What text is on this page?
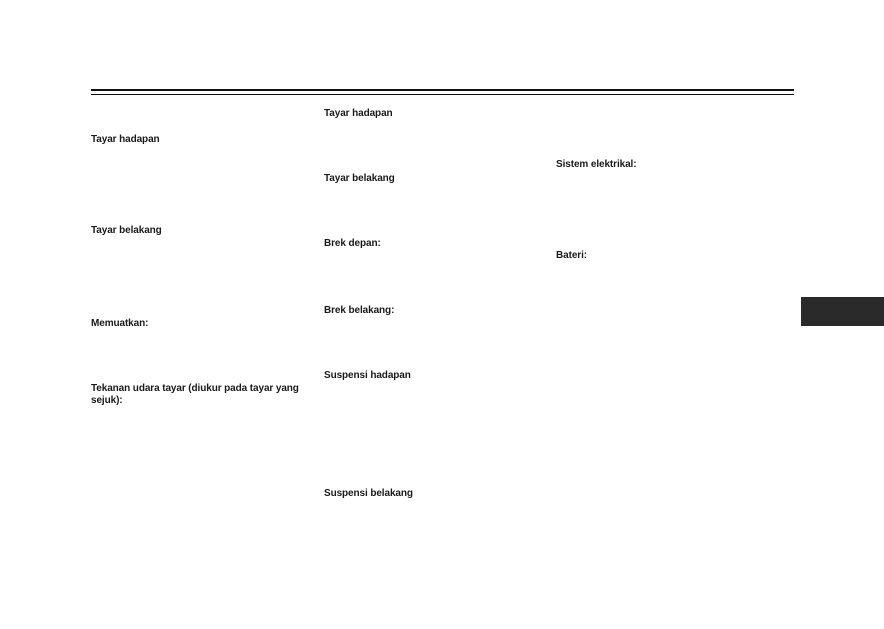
Tayar hadapan
Tayar belakang
Memuatkan:
Tekanan udara tayar (diukur pada tayar yang sejuk):
Tayar hadapan
Tayar belakang
Brek depan:
Brek belakang:
Suspensi hadapan
Suspensi belakang
Sistem elektrikal:
Bateri:
